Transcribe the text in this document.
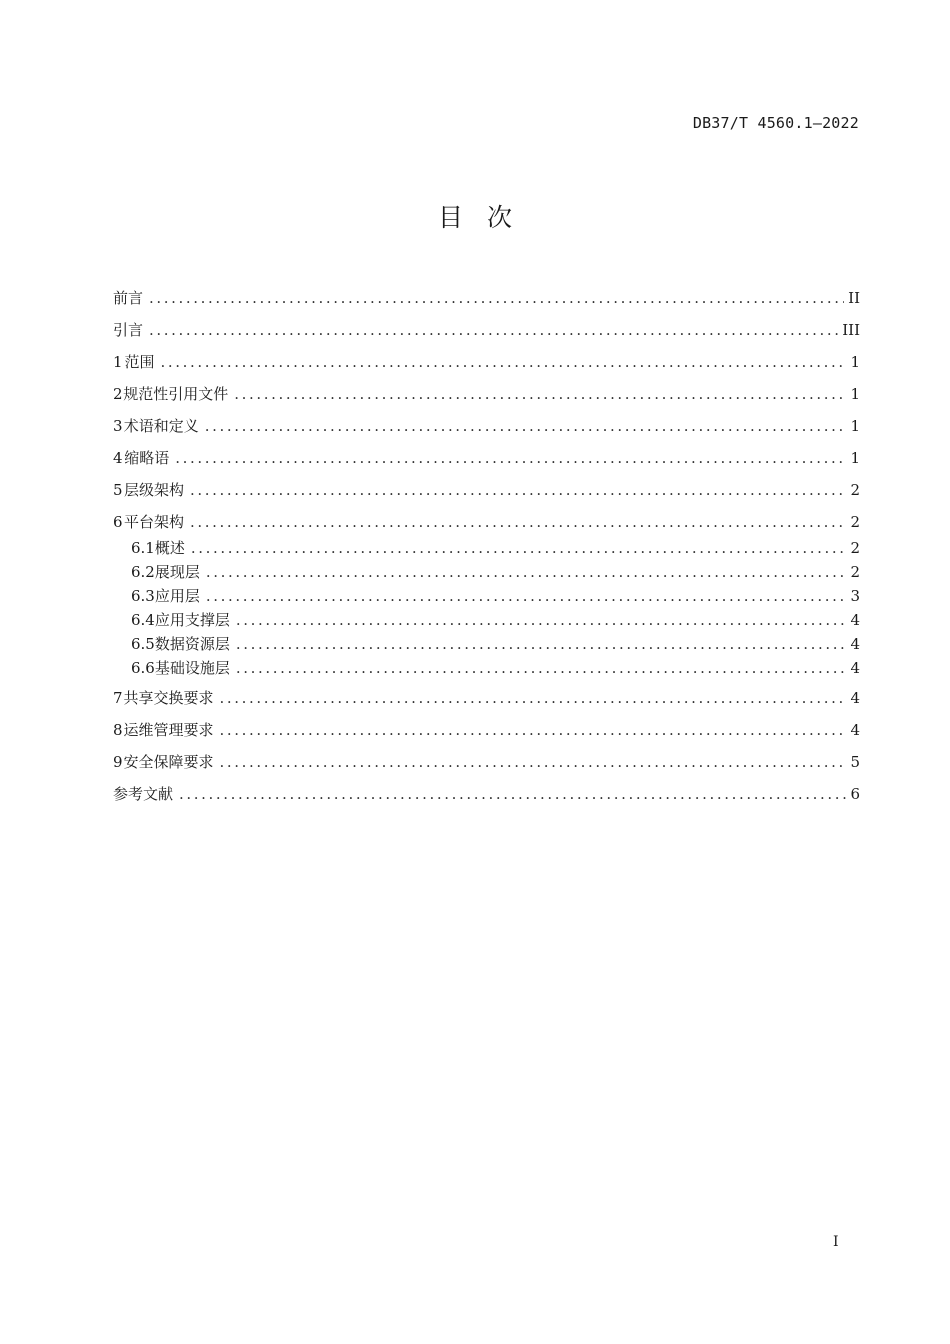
DB37/T 4560.1—2022
目 次
前言 .....	II
引言 .....	III
1 范围 .....	1
2 规范性引用文件 .....	1
3 术语和定义 .....	1
4 缩略语 .....	1
5 层级架构 .....	2
6 平台架构 .....	2
6.1 概述 .....	2
6.2 展现层 .....	2
6.3 应用层 .....	3
6.4 应用支撑层 .....	4
6.5 数据资源层 .....	4
6.6 基础设施层 .....	4
7 共享交换要求 .....	4
8 运维管理要求 .....	4
9 安全保障要求 .....	5
参考文献 .....	6
I
